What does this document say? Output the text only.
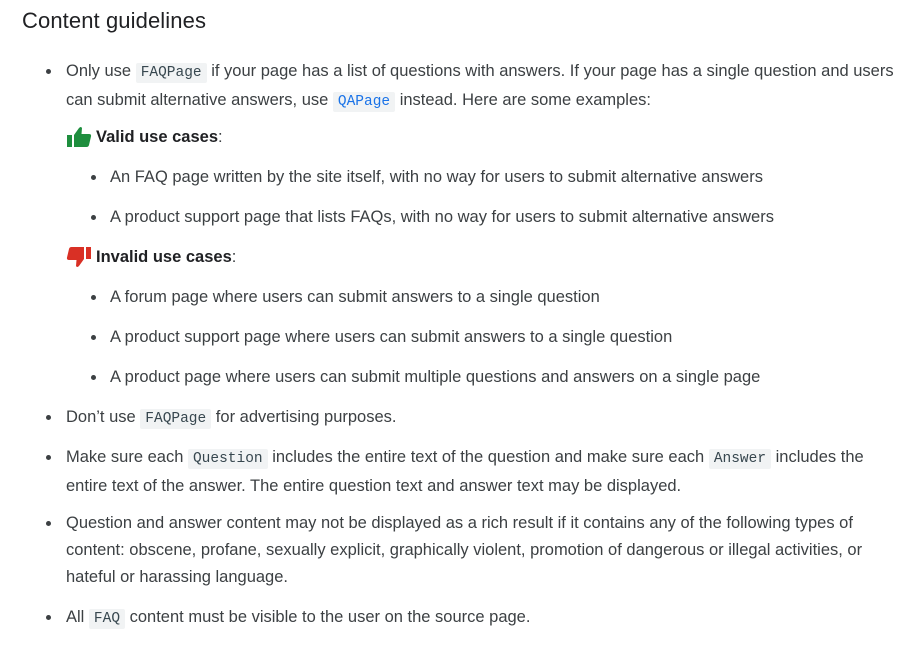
Content guidelines
Only use FAQPage if your page has a list of questions with answers. If your page has a single question and users can submit alternative answers, use QAPage instead. Here are some examples:
Valid use cases :
An FAQ page written by the site itself, with no way for users to submit alternative answers
A product support page that lists FAQs, with no way for users to submit alternative answers
Invalid use cases :
A forum page where users can submit answers to a single question
A product support page where users can submit answers to a single question
A product page where users can submit multiple questions and answers on a single page
Don’t use FAQPage for advertising purposes.
Make sure each Question includes the entire text of the question and make sure each Answer includes the entire text of the answer. The entire question text and answer text may be displayed.
Question and answer content may not be displayed as a rich result if it contains any of the following types of content: obscene, profane, sexually explicit, graphically violent, promotion of dangerous or illegal activities, or hateful or harassing language.
All FAQ content must be visible to the user on the source page.
